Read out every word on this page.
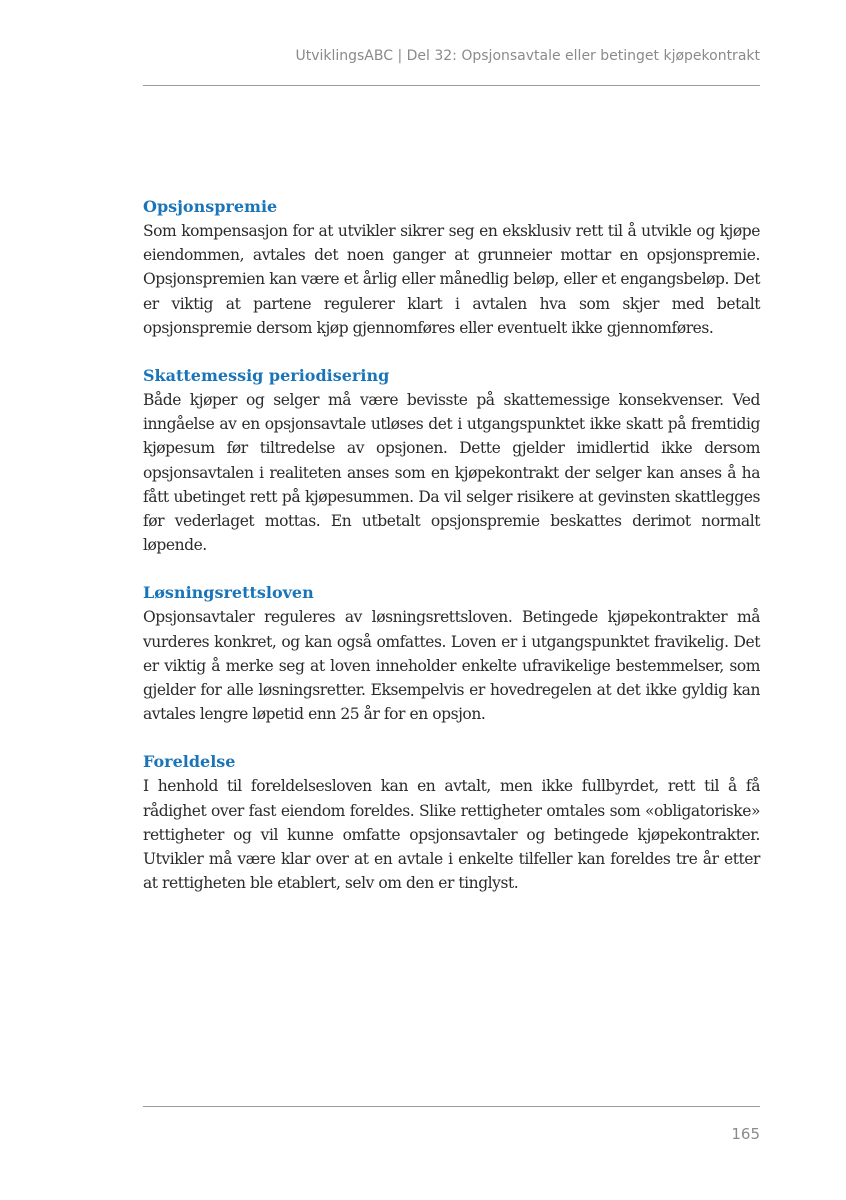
UtviklingsABC | Del 32: Opsjonsavtale eller betinget kjøpekontrakt
Opsjonspremie

Som kompensasjon for at utvikler sikrer seg en eksklusiv rett til å utvikle og kjøpe eiendommen, avtales det noen ganger at grunneier mottar en opsjonspremie. Opsjonspremien kan være et årlig eller månedlig beløp, eller et engangsbeløp. Det er viktig at partene regulerer klart i avtalen hva som skjer med betalt opsjonspremie dersom kjøp gjennomføres eller eventuelt ikke gjennomføres.

Skattemessig periodisering

Både kjøper og selger må være bevisste på skattemessige konsekvenser. Ved inngåelse av en opsjonsavtale utløses det i utgangspunktet ikke skatt på fremtidig kjøpesum før tiltredelse av opsjonen. Dette gjelder imidlertid ikke dersom opsjonsavtalen i realiteten anses som en kjøpekontrakt der selger kan anses å ha fått ubetinget rett på kjøpesummen. Da vil selger risikere at gevinsten skattlegges før vederlaget mottas. En utbetalt opsjonspremie beskattes derimot normalt løpende.

Løsningsrettsloven

Opsjonsavtaler reguleres av løsningsrettsloven. Betingede kjøpekontrakter må vurderes konkret, og kan også omfattes. Loven er i utgangspunktet fravikelig. Det er viktig å merke seg at loven inneholder enkelte ufravikelige bestemmelser, som gjelder for alle løsningsretter. Eksempelvis er hovedregelen at det ikke gyldig kan avtales lengre løpetid enn 25 år for en opsjon.

Foreldelse

I henhold til foreldelsesloven kan en avtalt, men ikke fullbyrdet, rett til å få rådighet over fast eiendom foreldes. Slike rettigheter omtales som «obligatoriske» rettigheter og vil kunne omfatte opsjonsavtaler og betingede kjøpekontrakter. Utvikler må være klar over at en avtale i enkelte tilfeller kan foreldes tre år etter at rettigheten ble etablert, selv om den er tinglyst.

165
